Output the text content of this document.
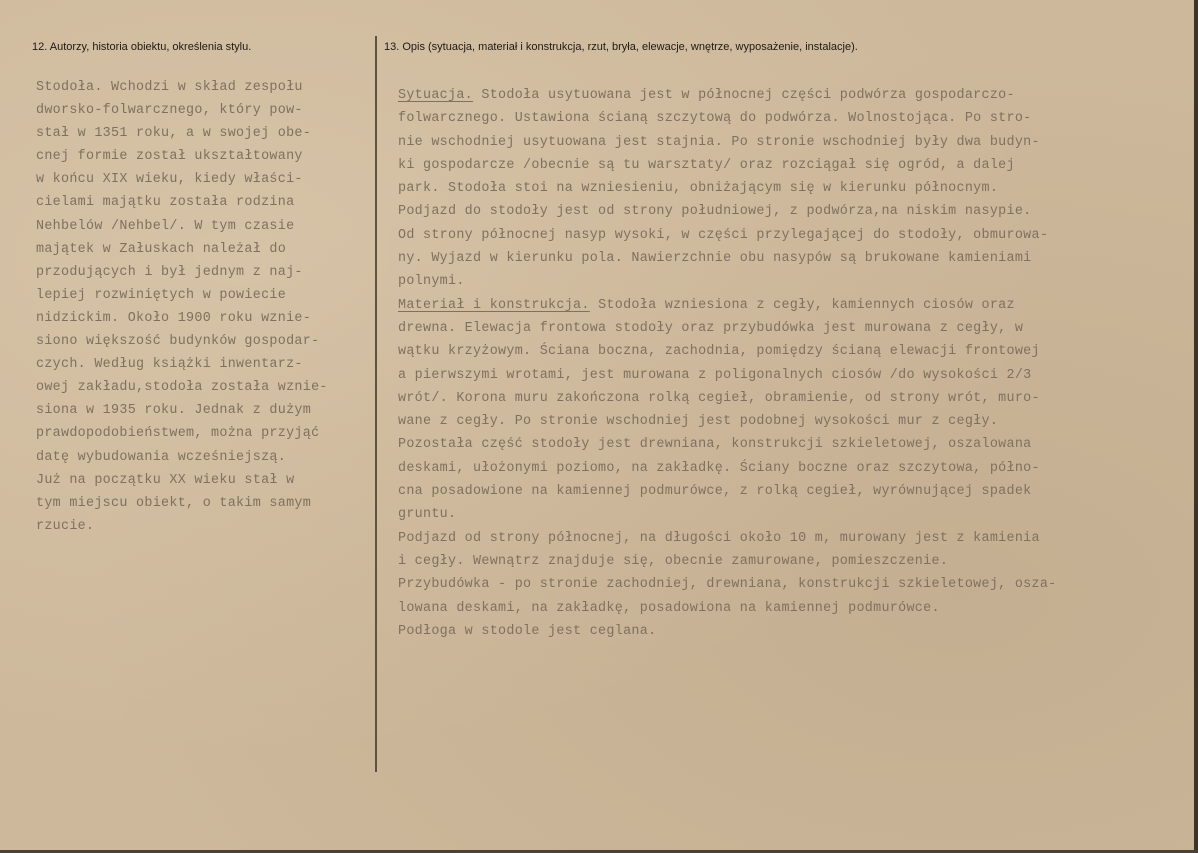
12. Autorzy, historia obiektu, określenia stylu.	13. Opis (sytuacja, materiał i konstrukcja, rzut, bryła, elewacje, wnętrze, wyposażenie, instalacje).
Stodoła. Wchodzi w skład zespołu
dworsko-folwarcznego, który pow-
stał w 1351 roku, a w swojej obe-
cnej formie został ukształtowany
w końcu XIX wieku, kiedy właści-
cielami majątku została rodzina
Nehbelów /Nehbel/. W tym czasie
majątek w Załuskach należał do
przodujących i był jednym z naj-
lepiej rozwiniętych w powiecie
nidzickim. Około 1900 roku wznie-
siono większość budynków gospodar-
czych. Według książki inwentarz-
owej zakładu,stodoła została wznie-
siona w 1935 roku. Jednak z dużym
prawdopodobieństwem, można przyjąć
datę wybudowania wcześniejszą.
Już na początku XX wieku stał w
tym miejscu obiekt, o takim samym
rzucie.
Sytuacja. Stodoła usytuowana jest w północnej części podwórza gospodarczo-
folwarcznego. Ustawiona ścianą szczytową do podwórza. Wolnostojąca. Po stro-
nie wschodniej usytuowana jest stajnia. Po stronie wschodniej były dwa budyn-
ki gospodarcze /obecnie są tu warsztaty/ oraz rozciągał się ogród, a dalej
park. Stodoła stoi na wzniesieniu, obniżającym się w kierunku północnym.
Podjazd do stodoły jest od strony południowej, z podwórza,na niskim nasypie.
Od strony północnej nasyp wysoki, w części przylegającej do stodoły, obmurowa-
ny. Wyjazd w kierunku pola. Nawierzchnie obu nasypów są brukowane kamieniami
polnymi.
Materiał i konstrukcja. Stodoła wzniesiona z cegły, kamiennych ciosów oraz
drewna. Elewacja frontowa stodoły oraz przybudówka jest murowana z cegły, w
wątku krzyżowym. Ściana boczna, zachodnia, pomiędzy ścianą elewacji frontowej
a pierwszymi wrotami, jest murowana z poligonalnych ciosów /do wysokości 2/3
wrót/. Korona muru zakończona rolką cegieł, obramienie, od strony wrót, muro-
wane z cegły. Po stronie wschodniej jest podobnej wysokości mur z cegły.
Pozostała część stodoły jest drewniana, konstrukcji szkieletowej, oszalowana
deskami, ułożonymi poziomo, na zakładkę. Ściany boczne oraz szczytowa, półno-
cna posadowione na kamiennej podmurówce, z rolką cegieł, wyrównującej spadek
gruntu.
Podjazd od strony północnej, na długości około 10 m, murowany jest z kamienia
i cegły. Wewnątrz znajduje się, obecnie zamurowane, pomieszczenie.
Przybudówka - po stronie zachodniej, drewniana, konstrukcji szkieletowej, osza-
lowana deskami, na zakładkę, posadowiona na kamiennej podmurówce.
Podłoga w stodole jest ceglana.
